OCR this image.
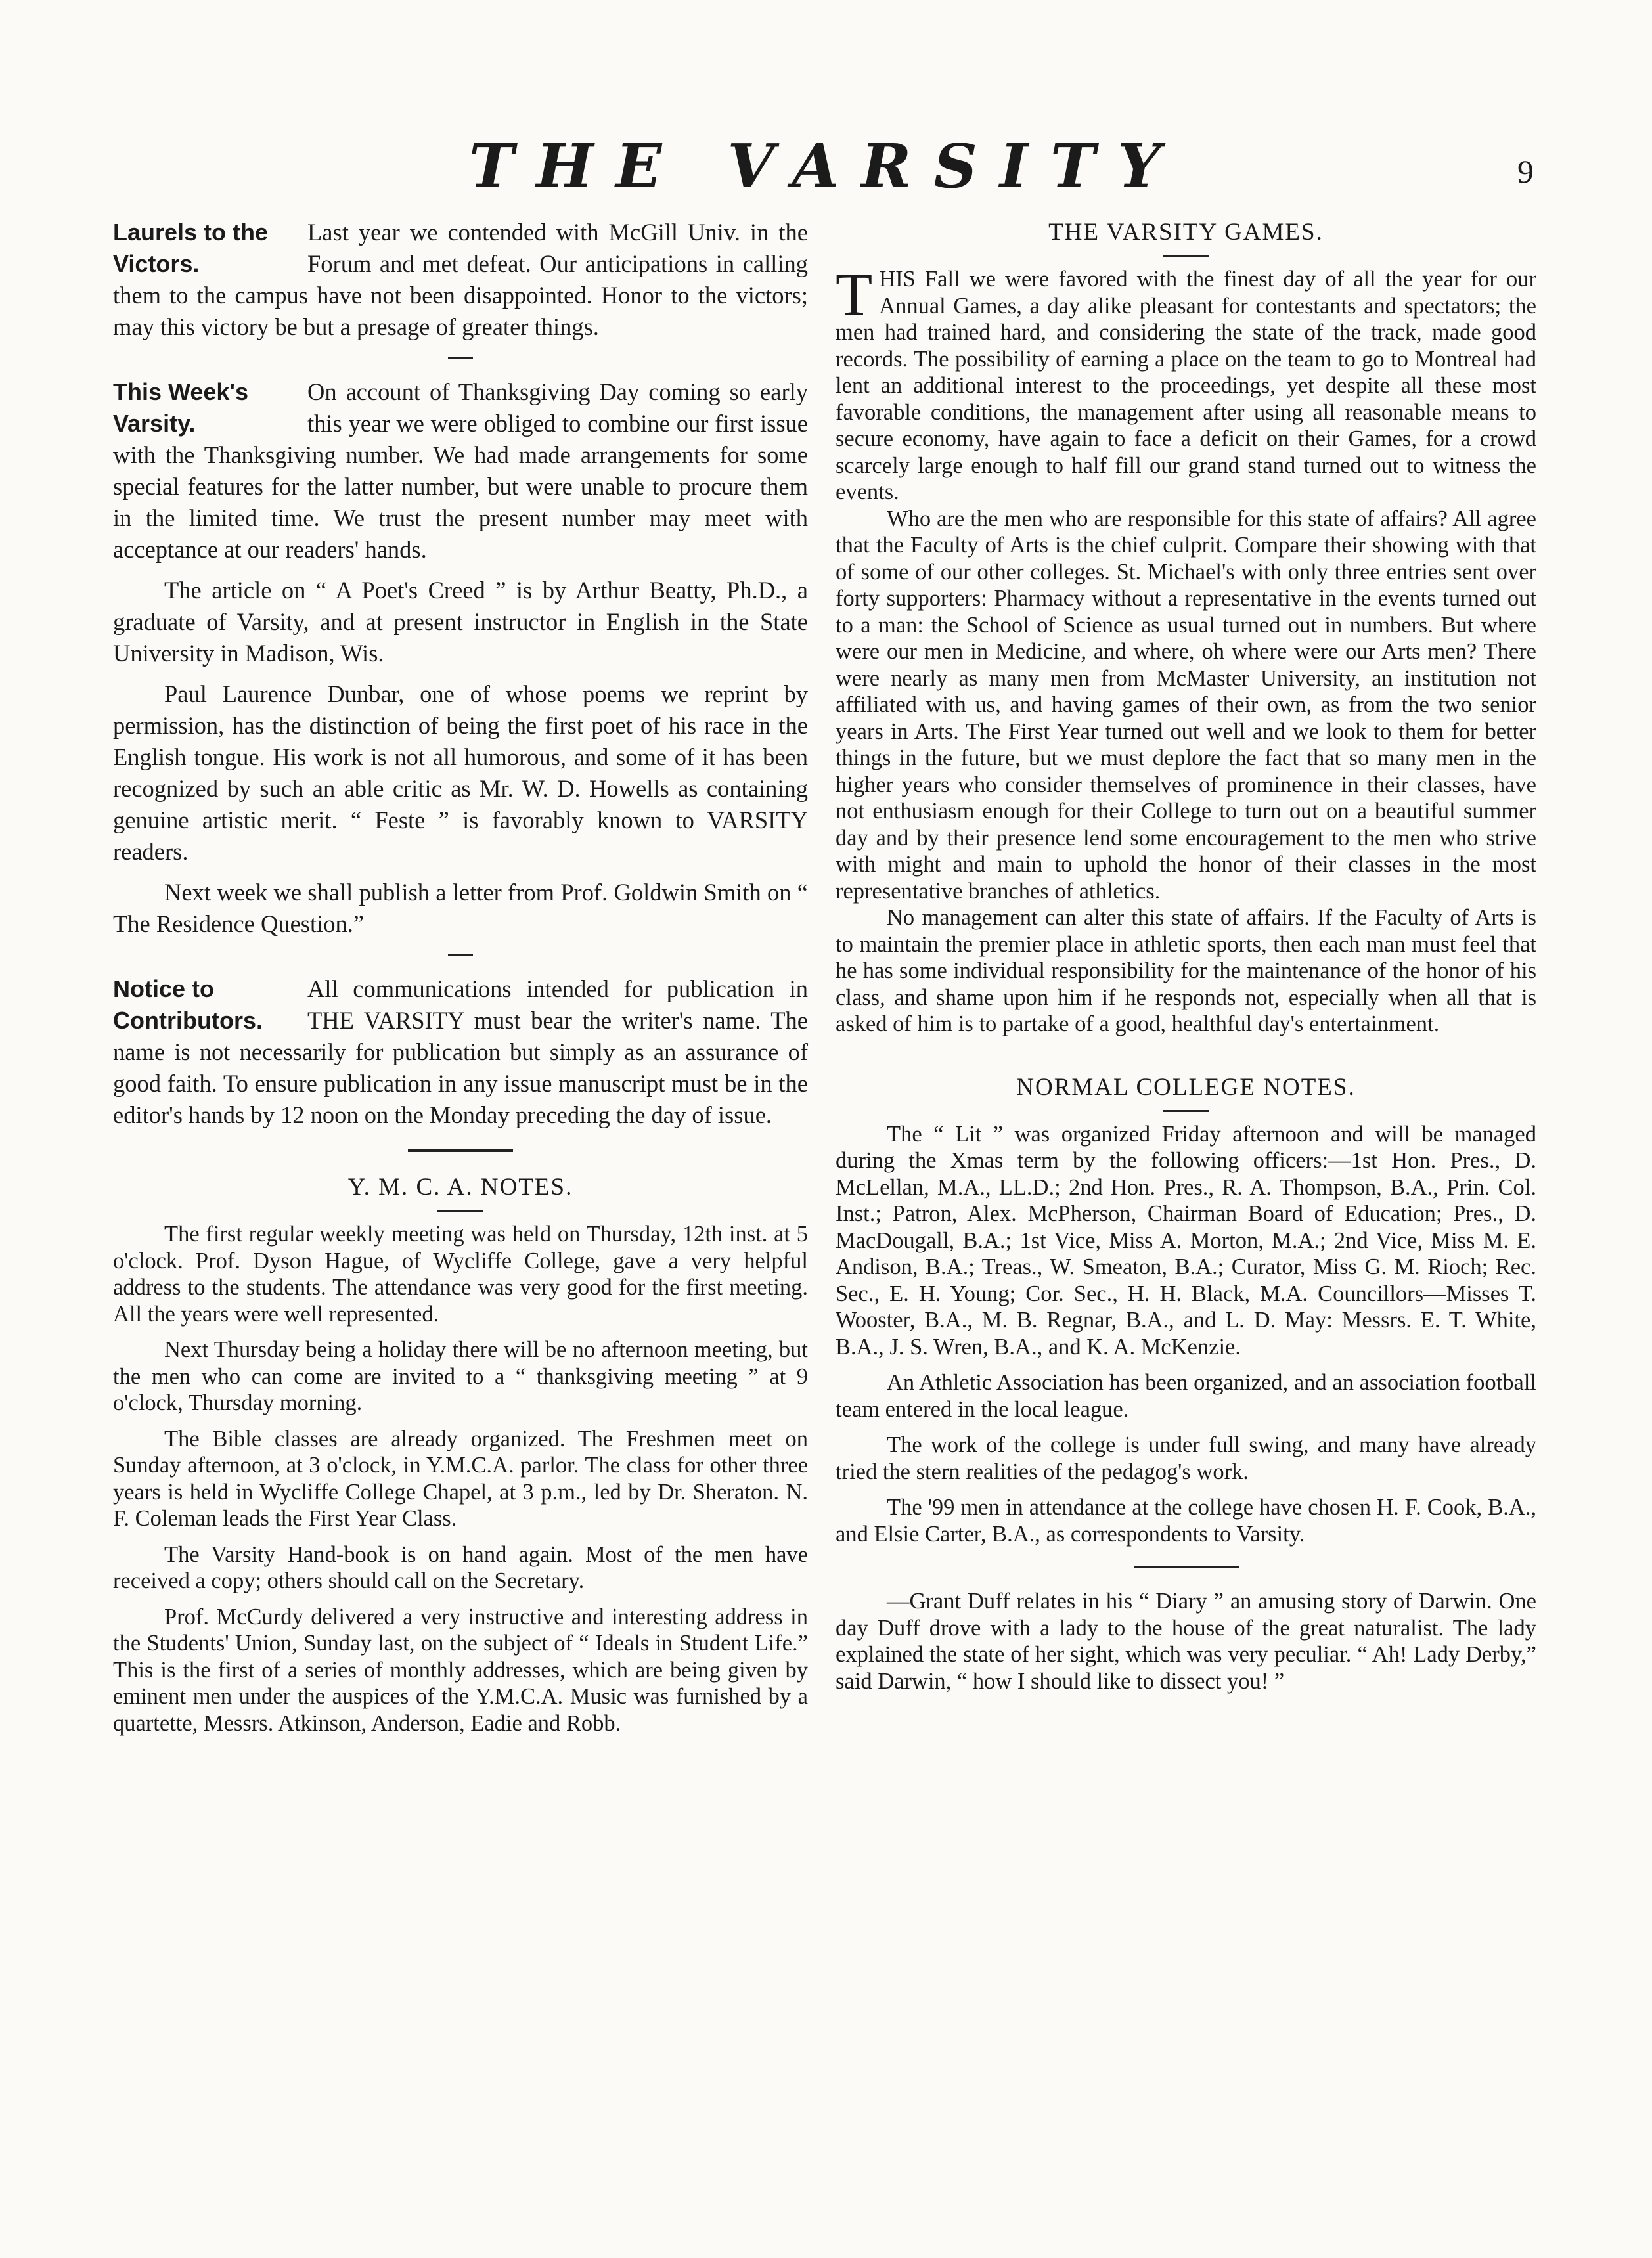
THE VARSITY	9
Laurels to the Victors.

Last year we contended with McGill Univ. in the Forum and met defeat. Our anticipations in calling them to the campus have not been disappointed. Honor to the victors; may this victory be but a presage of greater things.

This Week's Varsity.

On account of Thanksgiving Day coming so early this year we were obliged to combine our first issue with the Thanksgiving number. We had made arrangements for some special features for the latter number, but were unable to procure them in the limited time. We trust the present number may meet with acceptance at our readers' hands.

The article on “ A Poet's Creed ” is by Arthur Beatty, Ph.D., a graduate of Varsity, and at present instructor in English in the State University in Madison, Wis.

Paul Laurence Dunbar, one of whose poems we reprint by permission, has the distinction of being the first poet of his race in the English tongue. His work is not all humorous, and some of it has been recognized by such an able critic as Mr. W. D. Howells as containing genuine artistic merit. “ Feste ” is favorably known to VARSITY readers.

Next week we shall publish a letter from Prof. Goldwin Smith on “ The Residence Question.”

Notice to Contributors.

All communications intended for publication in THE VARSITY must bear the writer's name. The name is not necessarily for publication but simply as an assurance of good faith. To ensure publication in any issue manuscript must be in the editor's hands by 12 noon on the Monday preceding the day of issue.

Y. M. C. A. NOTES.

The first regular weekly meeting was held on Thursday, 12th inst. at 5 o'clock. Prof. Dyson Hague, of Wycliffe College, gave a very helpful address to the students. The attendance was very good for the first meeting. All the years were well represented.

Next Thursday being a holiday there will be no afternoon meeting, but the men who can come are invited to a “ thanksgiving meeting ” at 9 o'clock, Thursday morning.

The Bible classes are already organized. The Freshmen meet on Sunday afternoon, at 3 o'clock, in Y.M.C.A. parlor. The class for other three years is held in Wycliffe College Chapel, at 3 p.m., led by Dr. Sheraton. N. F. Coleman leads the First Year Class.

The Varsity Hand-book is on hand again. Most of the men have received a copy; others should call on the Secretary.

Prof. McCurdy delivered a very instructive and interesting address in the Students' Union, Sunday last, on the subject of “ Ideals in Student Life.” This is the first of a series of monthly addresses, which are being given by eminent men under the auspices of the Y.M.C.A. Music was furnished by a quartette, Messrs. Atkinson, Anderson, Eadie and Robb.

THE VARSITY GAMES.

THIS Fall we were favored with the finest day of all the year for our Annual Games, a day alike pleasant for contestants and spectators; the men had trained hard, and considering the state of the track, made good records. The possibility of earning a place on the team to go to Montreal had lent an additional interest to the proceedings, yet despite all these most favorable conditions, the management after using all reasonable means to secure economy, have again to face a deficit on their Games, for a crowd scarcely large enough to half fill our grand stand turned out to witness the events.

Who are the men who are responsible for this state of affairs? All agree that the Faculty of Arts is the chief culprit. Compare their showing with that of some of our other colleges. St. Michael's with only three entries sent over forty supporters: Pharmacy without a representative in the events turned out to a man: the School of Science as usual turned out in numbers. But where were our men in Medicine, and where, oh where were our Arts men? There were nearly as many men from McMaster University, an institution not affiliated with us, and having games of their own, as from the two senior years in Arts. The First Year turned out well and we look to them for better things in the future, but we must deplore the fact that so many men in the higher years who consider themselves of prominence in their classes, have not enthusiasm enough for their College to turn out on a beautiful summer day and by their presence lend some encouragement to the men who strive with might and main to uphold the honor of their classes in the most representative branches of athletics.

No management can alter this state of affairs. If the Faculty of Arts is to maintain the premier place in athletic sports, then each man must feel that he has some individual responsibility for the maintenance of the honor of his class, and shame upon him if he responds not, especially when all that is asked of him is to partake of a good, healthful day's entertainment.

NORMAL COLLEGE NOTES.

The “ Lit ” was organized Friday afternoon and will be managed during the Xmas term by the following officers:—1st Hon. Pres., D. McLellan, M.A., LL.D.; 2nd Hon. Pres., R. A. Thompson, B.A., Prin. Col. Inst.; Patron, Alex. McPherson, Chairman Board of Education; Pres., D. MacDougall, B.A.; 1st Vice, Miss A. Morton, M.A.; 2nd Vice, Miss M. E. Andison, B.A.; Treas., W. Smeaton, B.A.; Curator, Miss G. M. Rioch; Rec. Sec., E. H. Young; Cor. Sec., H. H. Black, M.A. Councillors—Misses T. Wooster, B.A., M. B. Regnar, B.A., and L. D. May: Messrs. E. T. White, B.A., J. S. Wren, B.A., and K. A. McKenzie.

An Athletic Association has been organized, and an association football team entered in the local league.

The work of the college is under full swing, and many have already tried the stern realities of the pedagog's work.

The '99 men in attendance at the college have chosen H. F. Cook, B.A., and Elsie Carter, B.A., as correspondents to Varsity.

—Grant Duff relates in his “ Diary ” an amusing story of Darwin. One day Duff drove with a lady to the house of the great naturalist. The lady explained the state of her sight, which was very peculiar. “ Ah! Lady Derby,” said Darwin, “ how I should like to dissect you! ”
